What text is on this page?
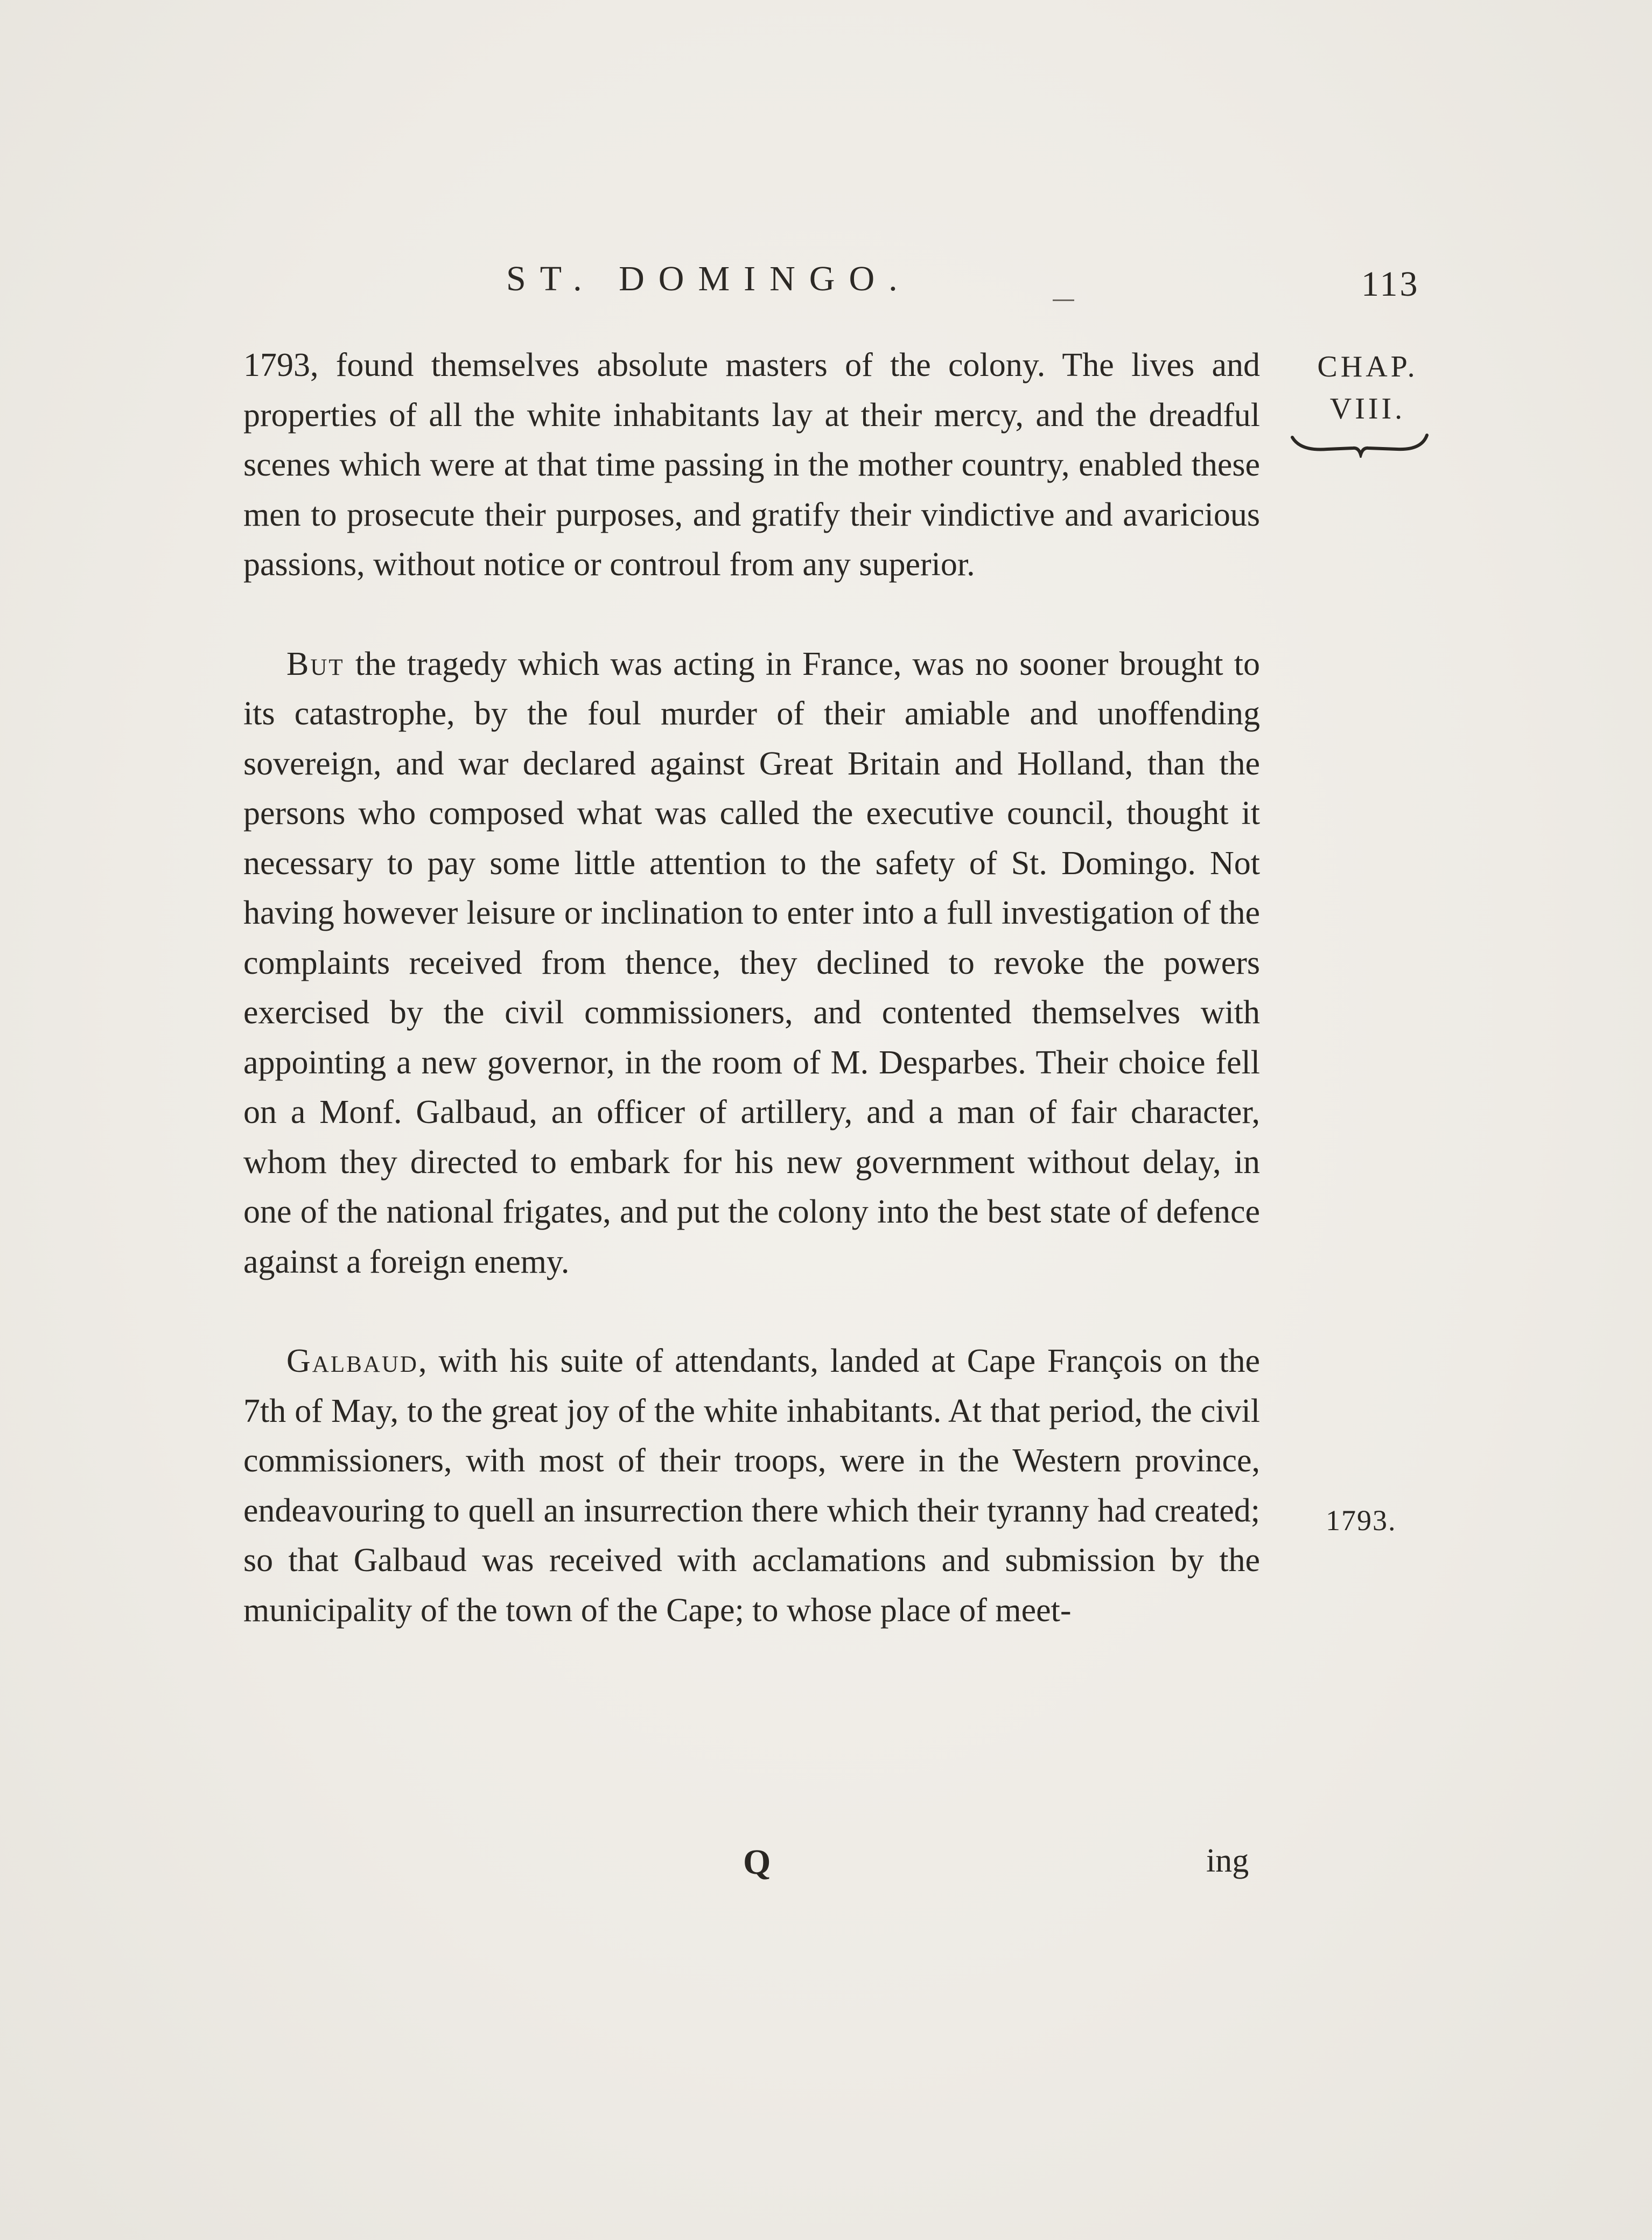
ST. DOMINGO.	113
CHAP.
VIII.

1793, found themselves absolute masters of the colony. The lives and properties of all the white inhabitants lay at their mercy, and the dreadful scenes which were at that time passing in the mother country, enabled these men to prosecute their purposes, and gratify their vindictive and avaricious passions, without notice or controul from any superior.

But the tragedy which was acting in France, was no sooner brought to its catastrophe, by the foul murder of their amiable and unoffending sovereign, and war declared against Great Britain and Holland, than the persons who composed what was called the executive council, thought it necessary to pay some little attention to the safety of St. Domingo. Not having however leisure or inclination to enter into a full investigation of the complaints received from thence, they declined to revoke the powers exercised by the civil commissioners, and contented themselves with appointing a new governor, in the room of M. Desparbes. Their choice fell on a Monf. Galbaud, an officer of artillery, and a man of fair character, whom they directed to embark for his new government without delay, in one of the national frigates, and put the colony into the best state of defence against a foreign enemy.

Galbaud, with his suite of attendants, landed at Cape François on the 7th of May, to the great joy of the white inhabitants. At that period, the civil commissioners, with most of their troops, were in the Western province, endeavouring to quell an insurrection there which their tyranny had created; so that Galbaud was received with acclamations and submission by the municipality of the town of the Cape; to whose place of meet-

1793.
Q	ing
